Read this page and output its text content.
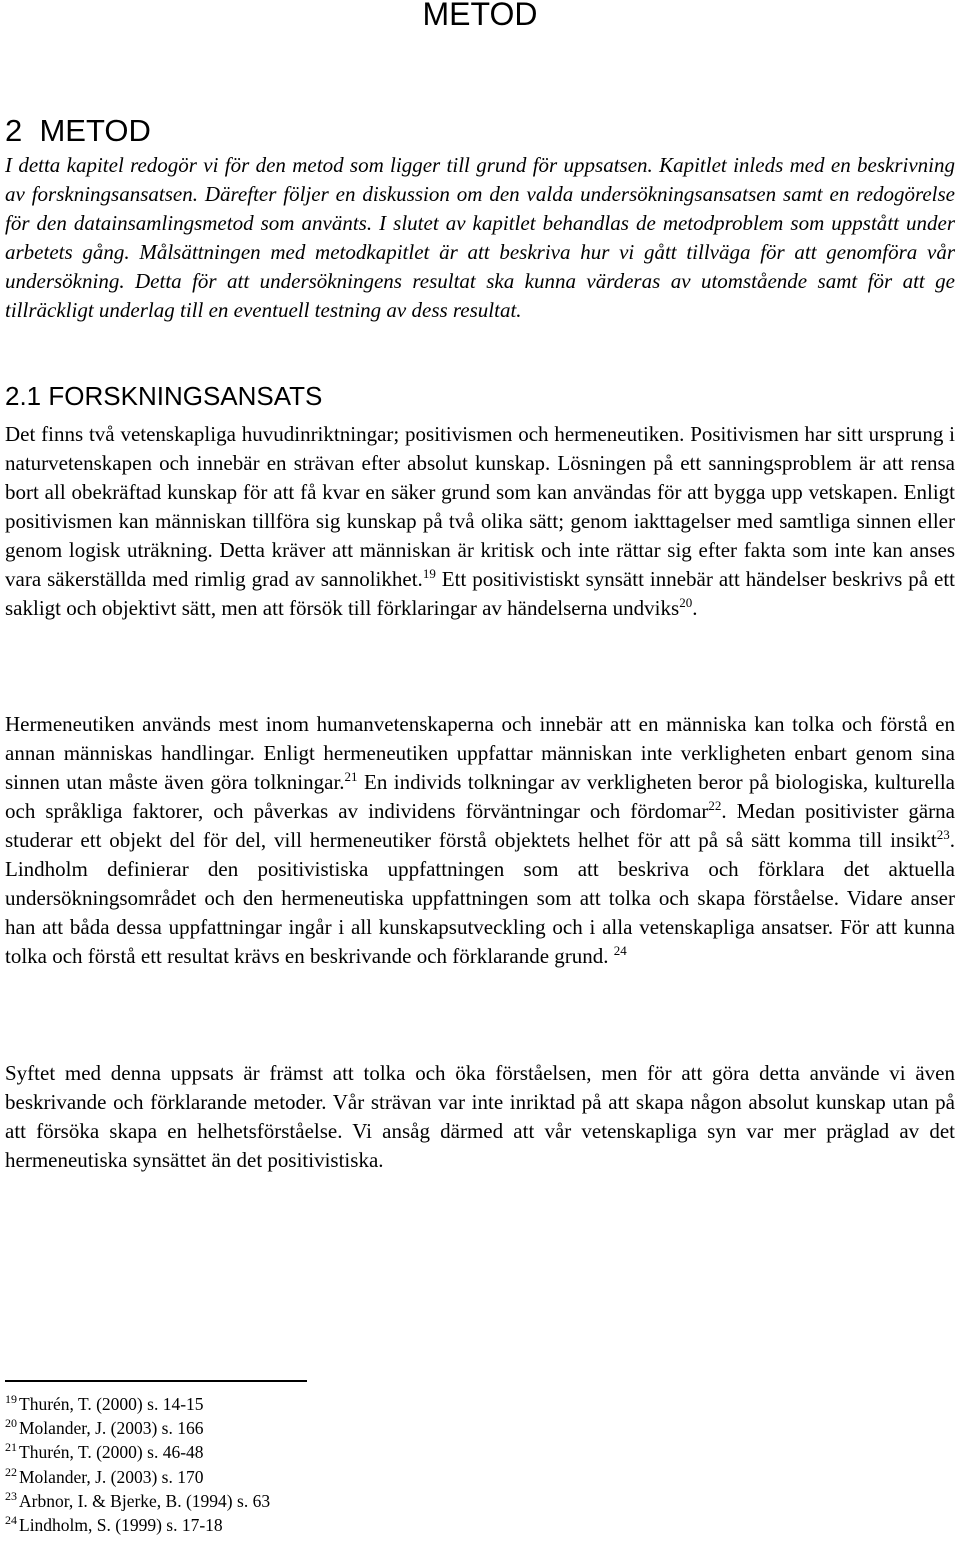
METOD
2 METOD

I detta kapitel redogör vi för den metod som ligger till grund för uppsatsen. Kapitlet inleds med en beskrivning av forskningsansatsen. Därefter följer en diskussion om den valda undersökningsansatsen samt en redogörelse för den datainsamlingsmetod som använts. I slutet av kapitlet behandlas de metodproblem som uppstått under arbetets gång. Målsättningen med metodkapitlet är att beskriva hur vi gått tillväga för att genomföra vår undersökning. Detta för att undersökningens resultat ska kunna värderas av utomstående samt för att ge tillräckligt underlag till en eventuell testning av dess resultat.

2.1 FORSKNINGSANSATS

Det finns två vetenskapliga huvudinriktningar; positivismen och hermeneutiken. Positivismen har sitt ursprung i naturvetenskapen och innebär en strävan efter absolut kunskap. Lösningen på ett sanningsproblem är att rensa bort all obekräftad kunskap för att få kvar en säker grund som kan användas för att bygga upp vetskapen. Enligt positivismen kan människan tillföra sig kunskap på två olika sätt; genom iakttagelser med samtliga sinnen eller genom logisk uträkning. Detta kräver att människan är kritisk och inte rättar sig efter fakta som inte kan anses vara säkerställda med rimlig grad av sannolikhet.$^{19}$ Ett positivistiskt synsätt innebär att händelser beskrivs på ett sakligt och objektivt sätt, men att försök till förklaringar av händelserna undviks$^{20}$.

Hermeneutiken används mest inom humanvetenskaperna och innebär att en människa kan tolka och förstå en annan människas handlingar. Enligt hermeneutiken uppfattar människan inte verkligheten enbart genom sina sinnen utan måste även göra tolkningar.$^{21}$ En individs tolkningar av verkligheten beror på biologiska, kulturella och språkliga faktorer, och påverkas av individens förväntningar och fördomar$^{22}$. Medan positivister gärna studerar ett objekt del för del, vill hermeneutiker förstå objektets helhet för att på så sätt komma till insikt$^{23}$. Lindholm definierar den positivistiska uppfattningen som att beskriva och förklara det aktuella undersökningsområdet och den hermeneutiska uppfattningen som att tolka och skapa förståelse. Vidare anser han att båda dessa uppfattningar ingår i all kunskapsutveckling och i alla vetenskapliga ansatser. För att kunna tolka och förstå ett resultat krävs en beskrivande och förklarande grund. $^{24}$

Syftet med denna uppsats är främst att tolka och öka förståelsen, men för att göra detta använde vi även beskrivande och förklarande metoder. Vår strävan var inte inriktad på att skapa någon absolut kunskap utan på att försöka skapa en helhetsförståelse. Vi ansåg därmed att vår vetenskapliga syn var mer präglad av det hermeneutiska synsättet än det positivistiska.

$^{19}$ Thurén, T. (2000) s. 14-15
$^{20}$ Molander, J. (2003) s. 166
$^{21}$ Thurén, T. (2000) s. 46-48
$^{22}$ Molander, J. (2003) s. 170
$^{23}$ Arbnor, I. & Bjerke, B. (1994) s. 63
$^{24}$ Lindholm, S. (1999) s. 17-18
